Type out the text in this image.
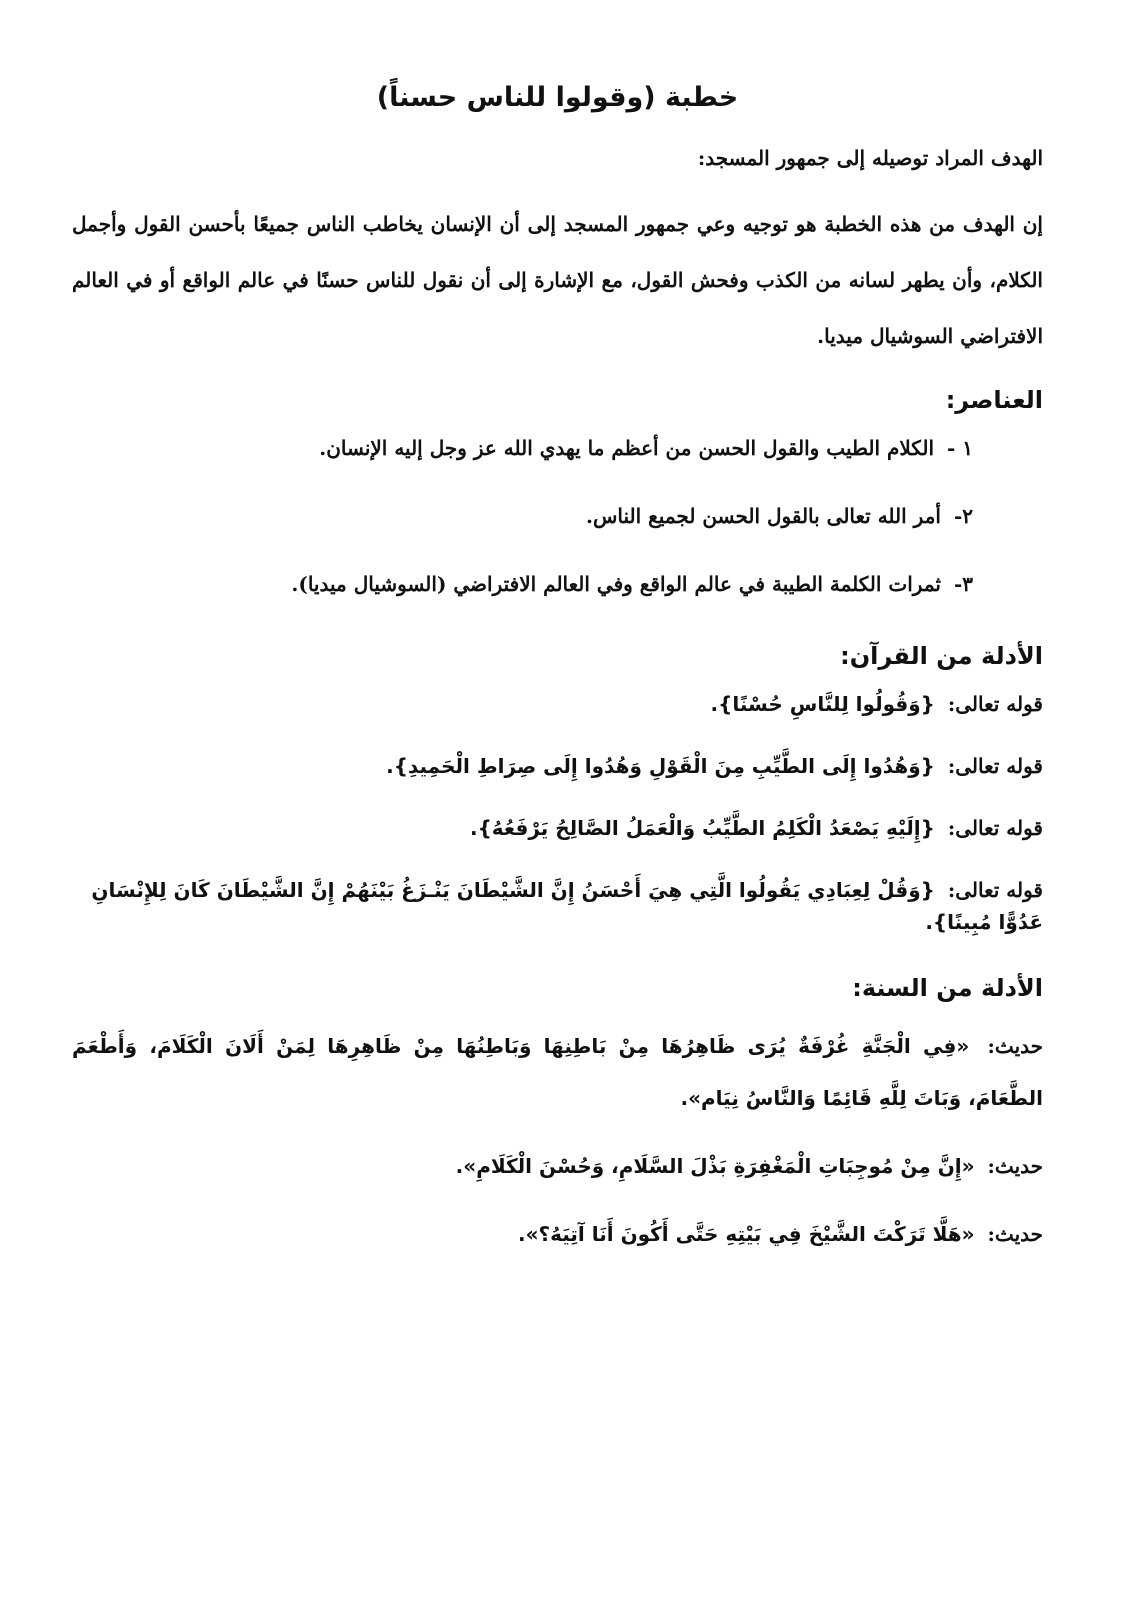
خطبة (وقولوا للناس حسناً)

الهدف المراد توصيله إلى جمهور المسجد:

إن الهدف من هذه الخطبة هو توجيه وعي جمهور المسجد إلى أن الإنسان يخاطب الناس جميعًا بأحسن القول وأجمل الكلام، وأن يطهر لسانه من الكذب وفحش القول، مع الإشارة إلى أن نقول للناس حسنًا في عالم الواقع أو في العالم الافتراضي السوشيال ميديا.

العناصر:
١ - الكلام الطيب والقول الحسن من أعظم ما يهدي الله عز وجل إليه الإنسان.
٢- أمر الله تعالى بالقول الحسن لجميع الناس.
٣- ثمرات الكلمة الطيبة في عالم الواقع وفي العالم الافتراضي (السوشيال ميديا).
الأدلة من القرآن:

قوله تعالى: {وَقُولُوا لِلنَّاسِ حُسْنًا}.

قوله تعالى: {وَهُدُوا إِلَى الطَّيِّبِ مِنَ الْقَوْلِ وَهُدُوا إِلَى صِرَاطِ الْحَمِيدِ}.

قوله تعالى: {إِلَيْهِ يَصْعَدُ الْكَلِمُ الطَّيِّبُ وَالْعَمَلُ الصَّالِحُ يَرْفَعُهُ}.

قوله تعالى: {وَقُلْ لِعِبَادِي يَقُولُوا الَّتِي هِيَ أَحْسَنُ إِنَّ الشَّيْطَانَ يَنْـزَغُ بَيْنَهُمْ إِنَّ الشَّيْطَانَ كَانَ لِلإِنْسَانِ عَدُوًّا مُبِينًا}.

الأدلة من السنة:

حديث: «فِي الْجَنَّةِ غُرْفَةٌ يُرَى ظَاهِرُهَا مِنْ بَاطِنِهَا وَبَاطِنُهَا مِنْ ظَاهِرِهَا لِمَنْ أَلَانَ الْكَلَامَ، وَأَطْعَمَ الطَّعَامَ، وَبَاتَ لِلَّهِ قَائِمًا وَالنَّاسُ نِيَام».

حديث: «إِنَّ مِنْ مُوجِبَاتِ الْمَغْفِرَةِ بَذْلَ السَّلَامِ، وَحُسْنَ الْكَلَامِ».

حديث: «هَلَّا تَرَكْتَ الشَّيْخَ فِي بَيْتِهِ حَتَّى أَكُونَ أَنَا آتِيَهُ؟».
